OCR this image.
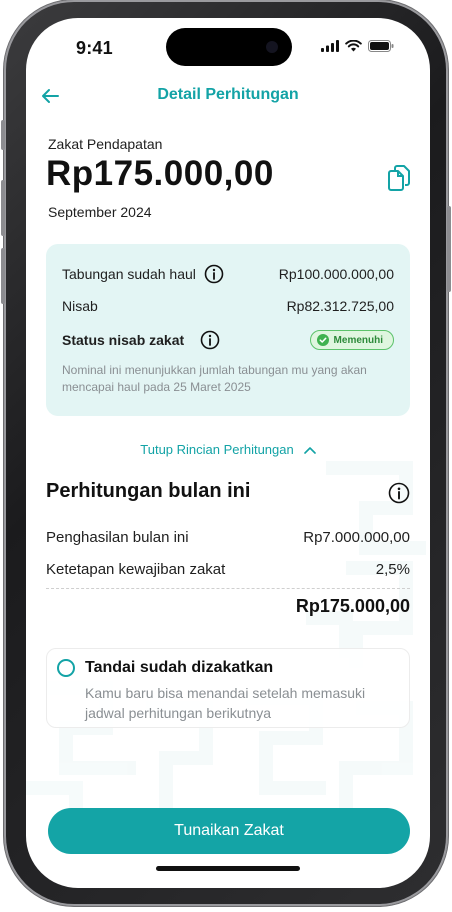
9:41
Detail Perhitungan
Zakat Pendapatan
Rp175.000,00
September 2024
Tabungan sudah haul	Rp100.000.000,00
Nisab	Rp82.312.725,00
Status nisab zakat	Memenuhi
Nominal ini menunjukkan jumlah tabungan mu yang akan mencapai haul pada 25 Maret 2025
Tutup Rincian Perhitungan
Perhitungan bulan ini
Penghasilan bulan ini	Rp7.000.000,00
Ketetapan kewajiban zakat	2,5%
Rp175.000,00
Tandai sudah dizakatkan
Kamu baru bisa menandai setelah memasuki jadwal perhitungan berikutnya
Tunaikan Zakat
